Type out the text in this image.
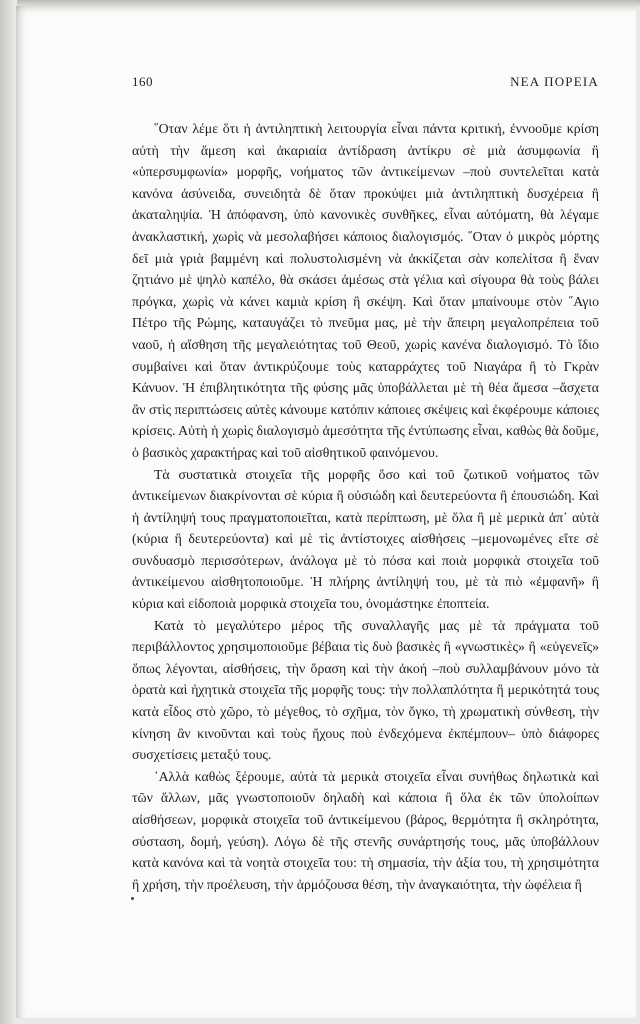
160	ΝΕΑ ΠΟΡΕΙΑ

῞Οταν λέμε ὅτι ἡ ἀντιληπτικὴ λειτουργία εἶναι πάντα κριτική, ἐννοοῦμε κρίση αὐτὴ τὴν ἄμεση καὶ ἀκαριαία ἀντίδραση ἀντίκρυ σὲ μιὰ ἀσυμφωνία ἢ «ὑπερσυμφωνία» μορφῆς, νοήματος τῶν ἀντικείμενων –ποὺ συντελεῖται κατὰ κανόνα ἀσύνειδα, συνειδητὰ δὲ ὅταν προκύψει μιὰ ἀντιληπτικὴ δυσχέρεια ἢ ἀκαταληψία. Ἡ ἀπόφανση, ὑπὸ κανονικὲς συνθῆκες, εἶναι αὐτόματη, θὰ λέγαμε ἀνακλαστική, χωρὶς νὰ μεσολαβήσει κάποιος διαλογισμός. ῞Οταν ὁ μικρὸς μόρτης δεῖ μιὰ γριὰ βαμμένη καὶ πολυστολισμένη νὰ ἀκκίζεται σὰν κοπελίτσα ἢ ἕναν ζητιάνο μὲ ψηλὸ καπέλο, θὰ σκάσει ἀμέσως στὰ γέλια καὶ σίγουρα θὰ τοὺς βάλει πρόγκα, χωρὶς νὰ κάνει καμιὰ κρίση ἢ σκέψη. Καὶ ὅταν μπαίνουμε στὸν ῞Αγιο Πέτρο τῆς Ρώμης, καταυγάζει τὸ πνεῦμα μας, μὲ τὴν ἄπειρη μεγαλοπρέπεια τοῦ ναοῦ, ἡ αἴσθηση τῆς μεγαλειότητας τοῦ Θεοῦ, χωρὶς κανένα διαλογισμό. Τὸ ἴδιο συμβαίνει καὶ ὅταν ἀντικρύζουμε τοὺς καταρράχτες τοῦ Νιαγάρα ἢ τὸ Γκρὰν Κάνυον. Ἡ ἐπιβλητικότητα τῆς φύσης μᾶς ὑποβάλλεται μὲ τὴ θέα ἄμεσα –ἄσχετα ἂν στὶς περιπτώσεις αὐτὲς κάνουμε κατόπιν κάποιες σκέψεις καὶ ἐκφέρουμε κάποιες κρίσεις. Αὐτὴ ἡ χωρὶς διαλογισμὸ ἀμεσότητα τῆς ἐντύπωσης εἶναι, καθὼς θὰ δοῦμε, ὁ βασικὸς χαρακτήρας καὶ τοῦ αἰσθητικοῦ φαινόμενου.

Τὰ συστατικὰ στοιχεῖα τῆς μορφῆς ὅσο καὶ τοῦ ζωτικοῦ νοήματος τῶν ἀντικείμενων διακρίνονται σὲ κύρια ἢ οὐσιώδη καὶ δευτερεύοντα ἢ ἐπουσιώδη. Καὶ ἡ ἀντίληψή τους πραγματοποιεῖται, κατὰ περίπτωση, μὲ ὅλα ἢ μὲ μερικὰ ἀπ᾽ αὐτὰ (κύρια ἢ δευτερεύοντα) καὶ μὲ τὶς ἀντίστοιχες αἰσθήσεις –μεμονωμένες εἴτε σὲ συνδυασμὸ περισσότερων, ἀνάλογα μὲ τὸ πόσα καὶ ποιὰ μορφικὰ στοιχεῖα τοῦ ἀντικείμενου αἰσθητοποιοῦμε. Ἡ πλήρης ἀντίληψή του, μὲ τὰ πιὸ «ἐμφανῆ» ἢ κύρια καὶ εἰδοποιὰ μορφικὰ στοιχεῖα του, ὀνομάστηκε ἐποπτεία.

Κατὰ τὸ μεγαλύτερο μέρος τῆς συναλλαγῆς μας μὲ τὰ πράγματα τοῦ περιβάλλοντος χρησιμοποιοῦμε βέβαια τὶς δυὸ βασικὲς ἢ «γνωστικὲς» ἢ «εὐγενεῖς» ὅπως λέγονται, αἰσθήσεις, τὴν ὅραση καὶ τὴν ἀκοή –ποὺ συλλαμβάνουν μόνο τὰ ὁρατὰ καὶ ἠχητικὰ στοιχεῖα τῆς μορφῆς τους: τὴν πολλαπλότητα ἢ μερικότητά τους κατὰ εἶδος στὸ χῶρο, τὸ μέγεθος, τὸ σχῆμα, τὸν ὄγκο, τὴ χρωματικὴ σύνθεση, τὴν κίνηση ἂν κινοῦνται καὶ τοὺς ἤχους ποὺ ἐνδεχόμενα ἐκπέμπουν– ὑπὸ διάφορες συσχετίσεις μεταξύ τους.

᾽Αλλὰ καθὼς ξέρουμε, αὐτὰ τὰ μερικὰ στοιχεῖα εἶναι συνήθως δηλωτικὰ καὶ τῶν ἄλλων, μᾶς γνωστοποιοῦν δηλαδὴ καὶ κάποια ἢ ὅλα ἐκ τῶν ὑπολοίπων αἰσθήσεων, μορφικὰ στοιχεῖα τοῦ ἀντικείμενου (βάρος, θερμότητα ἢ σκληρότητα, σύσταση, δομή, γεύση). Λόγω δὲ τῆς στενῆς συνάρτησής τους, μᾶς ὑποβάλλουν κατὰ κανόνα καὶ τὰ νοητὰ στοιχεῖα του: τὴ σημασία, τὴν ἀξία του, τὴ χρησιμότητα ἢ χρήση, τὴν προέλευση, τὴν ἁρμόζουσα θέση, τὴν ἀναγκαιότητα, τὴν ὠφέλεια ἢ
